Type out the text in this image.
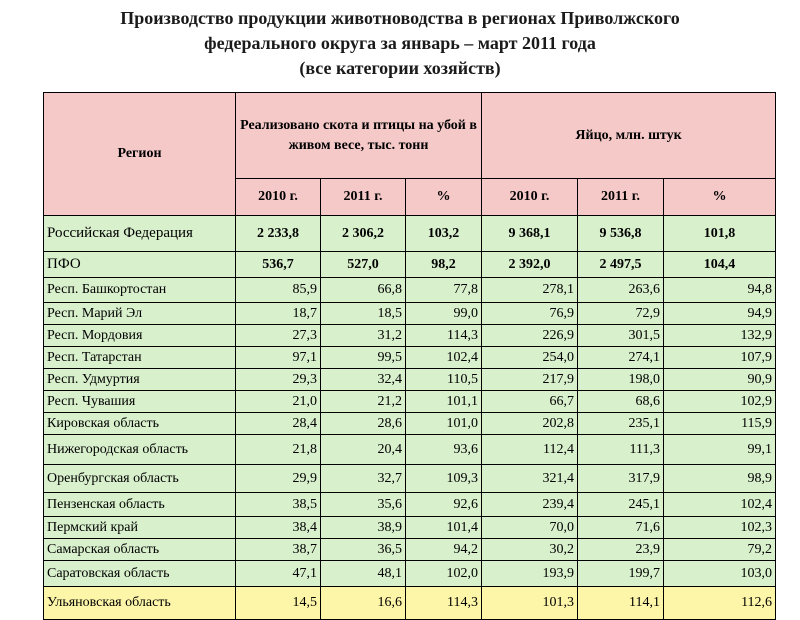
Производство продукции животноводства в регионах Приволжского
федерального округа за январь – март 2011 года
(все категории хозяйств)
Регион	Реализовано скота и птицы на убой в живом весе, тыс. тонн			Яйцо, млн. штук		
	2010 г.	2011 г.	%	2010 г.	2011 г.	%
Российская Федерация	2 233,8	2 306,2	103,2	9 368,1	9 536,8	101,8
ПФО	536,7	527,0	98,2	2 392,0	2 497,5	104,4
Респ. Башкортостан	85,9	66,8	77,8	278,1	263,6	94,8
Респ. Марий Эл	18,7	18,5	99,0	76,9	72,9	94,9
Респ. Мордовия	27,3	31,2	114,3	226,9	301,5	132,9
Респ. Татарстан	97,1	99,5	102,4	254,0	274,1	107,9
Респ. Удмуртия	29,3	32,4	110,5	217,9	198,0	90,9
Респ. Чувашия	21,0	21,2	101,1	66,7	68,6	102,9
Кировская область	28,4	28,6	101,0	202,8	235,1	115,9
Нижегородская область	21,8	20,4	93,6	112,4	111,3	99,1
Оренбургская область	29,9	32,7	109,3	321,4	317,9	98,9
Пензенская область	38,5	35,6	92,6	239,4	245,1	102,4
Пермский край	38,4	38,9	101,4	70,0	71,6	102,3
Самарская область	38,7	36,5	94,2	30,2	23,9	79,2
Саратовская область	47,1	48,1	102,0	193,9	199,7	103,0
Ульяновская область	14,5	16,6	114,3	101,3	114,1	112,6
